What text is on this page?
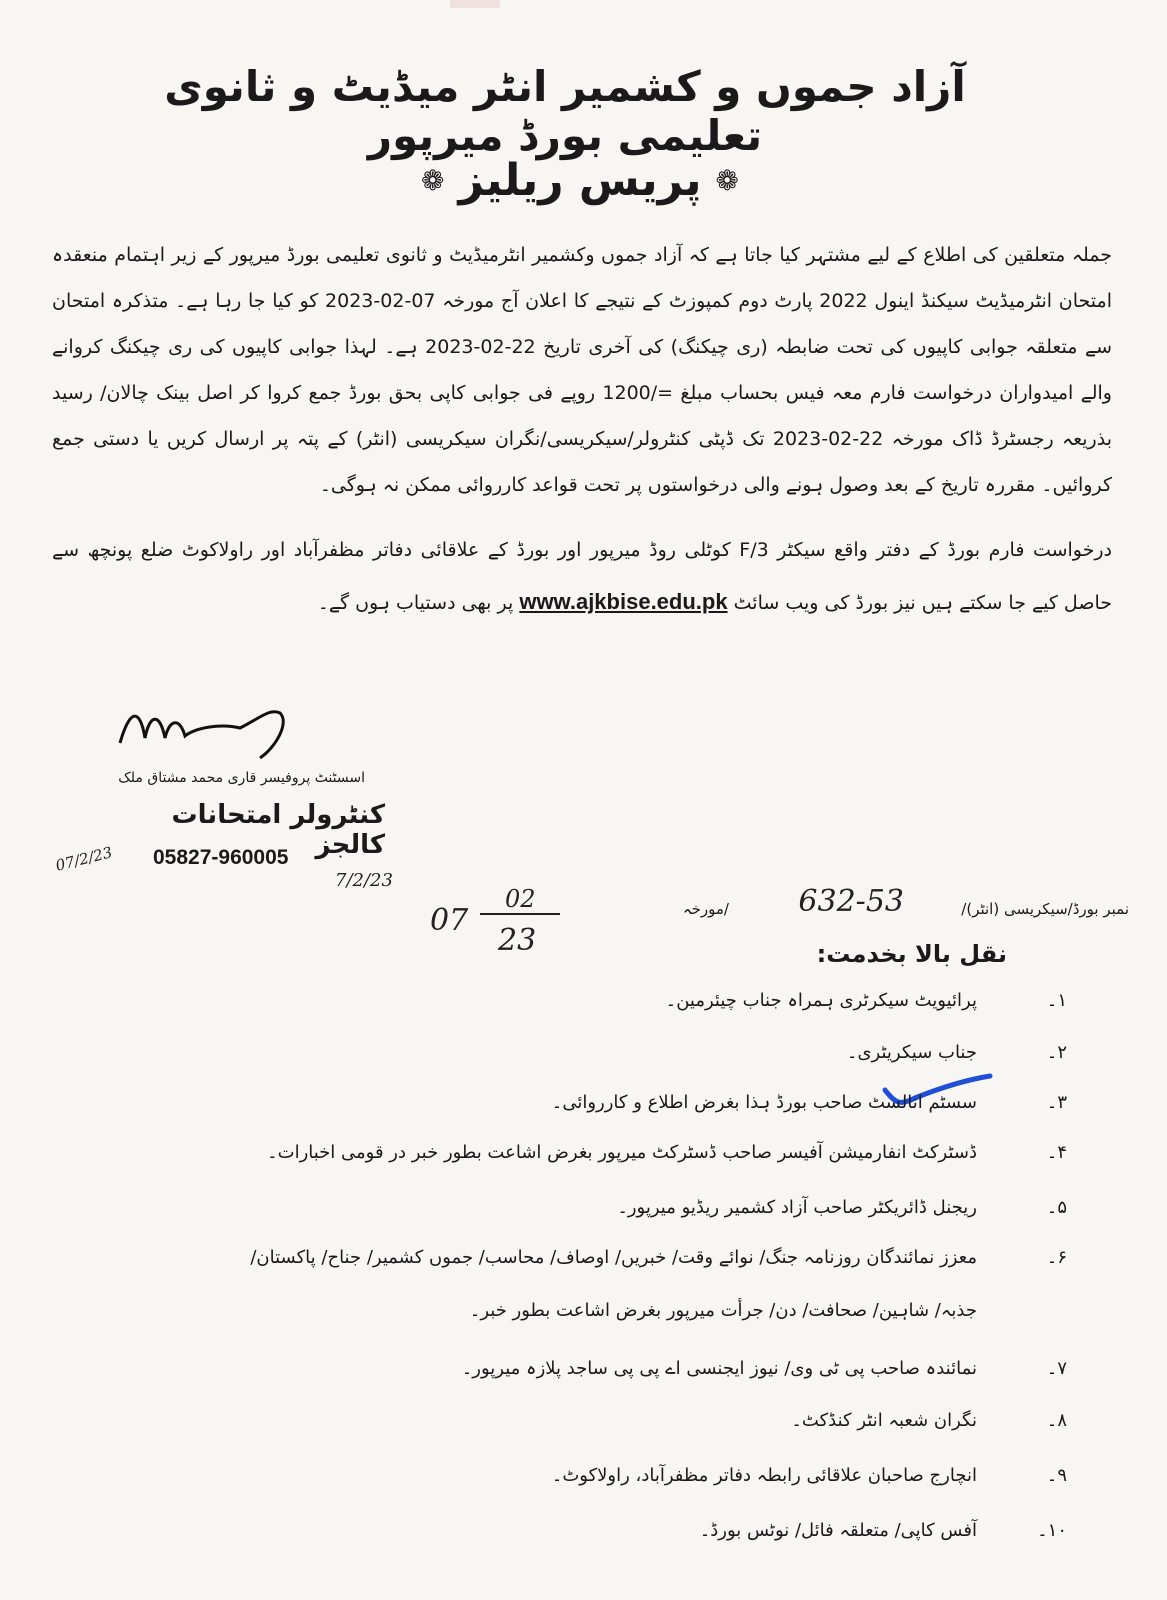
آزاد جموں و کشمیر انٹر میڈیٹ و ثانوی تعلیمی بورڈ میرپور
❁
پریس ریلیز
❁
جملہ متعلقین کی اطلاع کے لیے مشتہر کیا جاتا ہے کہ آزاد جموں وکشمیر انٹرمیڈیٹ و ثانوی تعلیمی بورڈ میرپور کے زیر اہتمام منعقدہ امتحان انٹرمیڈیٹ سیکنڈ اینول 2022 پارٹ دوم کمپوزٹ کے نتیجے کا اعلان آج مورخہ 07-02-2023 کو کیا جا رہا ہے۔ متذکرہ امتحان سے متعلقہ جوابی کاپیوں کی تحت ضابطہ (ری چیکنگ) کی آخری تاریخ 22-02-2023 ہے۔ لہذا جوابی کاپیوں کی ری چیکنگ کروانے والے امیدواران درخواست فارم معہ فیس بحساب مبلغ =/1200 روپے فی جوابی کاپی بحق بورڈ جمع کروا کر اصل بینک چالان/ رسید بذریعہ رجسٹرڈ ڈاک مورخہ 22-02-2023 تک ڈپٹی کنٹرولر/سیکریسی/نگران سیکریسی (انٹر) کے پتہ پر ارسال کریں یا دستی جمع کروائیں۔ مقررہ تاریخ کے بعد وصول ہونے والی درخواستوں پر تحت قواعد کارروائی ممکن نہ ہوگی۔
درخواست فارم بورڈ کے دفتر واقع سیکٹر F/3 کوٹلی روڈ میرپور اور بورڈ کے علاقائی دفاتر مظفرآباد اور راولاکوٹ ضلع پونچھ سے حاصل کیے جا سکتے ہیں نیز بورڈ کی ویب سائٹ www.ajkbise.edu.pk پر بھی دستیاب ہوں گے۔
اسسٹنٹ پروفیسر قاری محمد مشتاق ملک
کنٹرولر امتحانات کالجز
05827-960005
07/2/23
7/2/23
نمبر بورڈ/سیکریسی (انٹر)/
632-53
/مورخہ
07
02
23	نقل بالا بخدمت:
۱۔
پرائیویٹ سیکرٹری ہمراہ جناب چیئرمین۔
۲۔
جناب سیکریٹری۔
۳۔
سسٹم انالسٹ صاحب بورڈ ہذا بغرض اطلاع و کارروائی۔
۴۔
ڈسٹرکٹ انفارمیشن آفیسر صاحب ڈسٹرکٹ میرپور بغرض اشاعت بطور خبر در قومی اخبارات۔
۵۔
ریجنل ڈائریکٹر صاحب آزاد کشمیر ریڈیو میرپور۔
۶۔
معزز نمائندگان روزنامہ جنگ/ نوائے وقت/ خبریں/ اوصاف/ محاسب/ جموں کشمیر/ جناح/ پاکستان/
جذبہ/ شاہین/ صحافت/ دن/ جرأت میرپور بغرض اشاعت بطور خبر۔
۷۔
نمائندہ صاحب پی ٹی وی/ نیوز ایجنسی اے پی پی ساجد پلازہ میرپور۔
۸۔
نگران شعبہ انٹر کنڈکٹ۔
۹۔
انچارج صاحبان علاقائی رابطہ دفاتر مظفرآباد، راولاکوٹ۔
۱۰۔
آفس کاپی/ متعلقہ فائل/ نوٹس بورڈ۔
